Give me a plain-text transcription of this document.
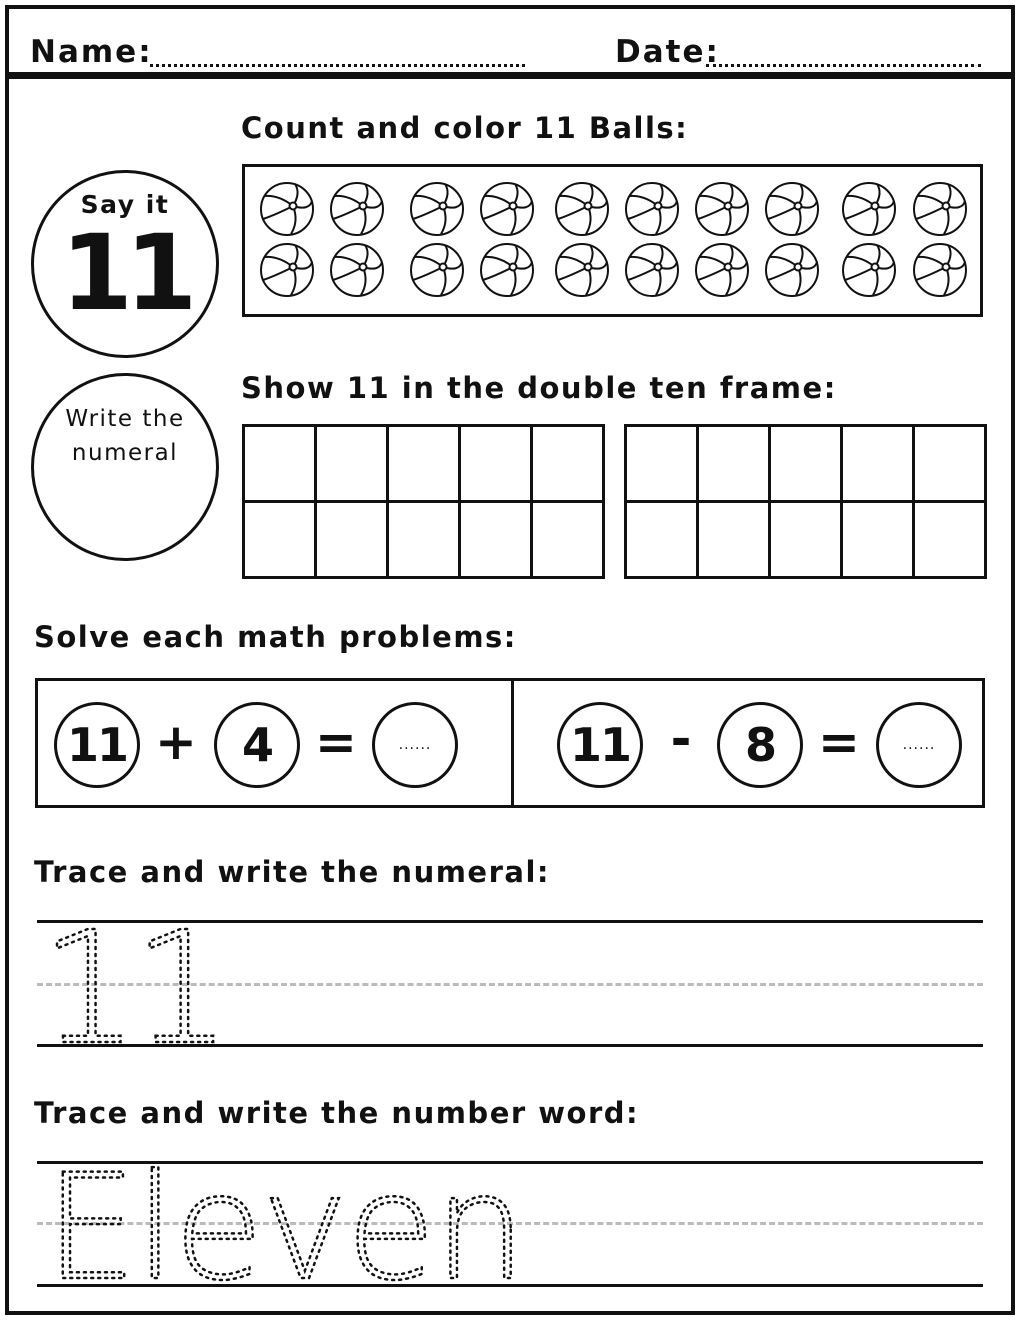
Name:	Date:
Say it
11
Write the
numeral
Count and color 11 Balls:
Show 11 in the double ten frame:
Solve each math problems:
11 + 4 =	......	11 -	8 =	......
Trace and write the numeral:
11
Trace and write the number word:
Eleven
